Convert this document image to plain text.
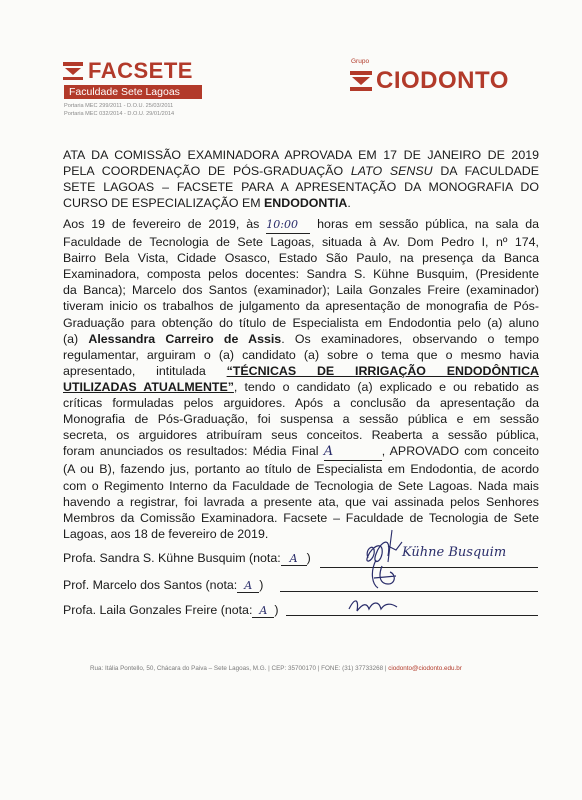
FACSETE
Faculdade Sete Lagoas
Portaria MEC 299/2011 - D.O.U. 25/03/2011
Portaria MEC 032/2014 - D.O.U. 29/01/2014
Grupo
CIODONTO
ATA DA COMISSÃO EXAMINADORA APROVADA EM 17 DE JANEIRO DE 2019
PELA COORDENAÇÃO DE PÓS-GRADUAÇÃO LATO SENSU DA FACULDADE
SETE LAGOAS – FACSETE PARA A APRESENTAÇÃO DA MONOGRAFIA DO
CURSO DE ESPECIALIZAÇÃO EM ENDODONTIA.
Aos 19 de fevereiro de 2019, às 10:00 horas em sessão pública, na sala da
Faculdade de Tecnologia de Sete Lagoas, situada à Av. Dom Pedro I, nº 174,
Bairro Bela Vista, Cidade Osasco, Estado São Paulo, na presença da Banca
Examinadora, composta pelos docentes: Sandra S. Kühne Busquim, (Presidente
da Banca); Marcelo dos Santos (examinador); Laila Gonzales Freire (examinador)
tiveram inicio os trabalhos de julgamento da apresentação de monografia de Pós-
Graduação para obtenção do título de Especialista em Endodontia pelo (a) aluno
(a) Alessandra Carreiro de Assis. Os examinadores, observando o tempo
regulamentar, arguiram o (a) candidato (a) sobre o tema que o mesmo havia
apresentado, intitulada “TÉCNICAS DE IRRIGAÇÃO ENDODÔNTICA
UTILIZADAS ATUALMENTE”, tendo o candidato (a) explicado e ou rebatido as
críticas formuladas pelos arguidores. Após a conclusão da apresentação da
Monografia de Pós-Graduação, foi suspensa a sessão pública e em sessão
secreta, os arguidores atribuíram seus conceitos. Reaberta a sessão pública,
foram anunciados os resultados: Média Final A	, APROVADO com conceito
(A ou B), fazendo jus, portanto ao título de Especialista em Endodontia, de acordo
com o Regimento Interno da Faculdade de Tecnologia de Sete Lagoas. Nada mais
havendo a registrar, foi lavrada a presente ata, que vai assinada pelos Senhores
Membros da Comissão Examinadora. Facsete – Faculdade de Tecnologia de Sete
Lagoas, aos 18 de fevereiro de 2019.
Profa. Sandra S. Kühne Busquim (nota: A )	Kühne Busquim
Prof. Marcelo dos Santos (nota: A )
Profa. Laila Gonzales Freire (nota: A )
Rua: Itália Pontello, 50, Chácara do Paiva – Sete Lagoas, M.G. | CEP: 35700170 | FONE: (31) 37733268 | ciodonto@ciodonto.edu.br
